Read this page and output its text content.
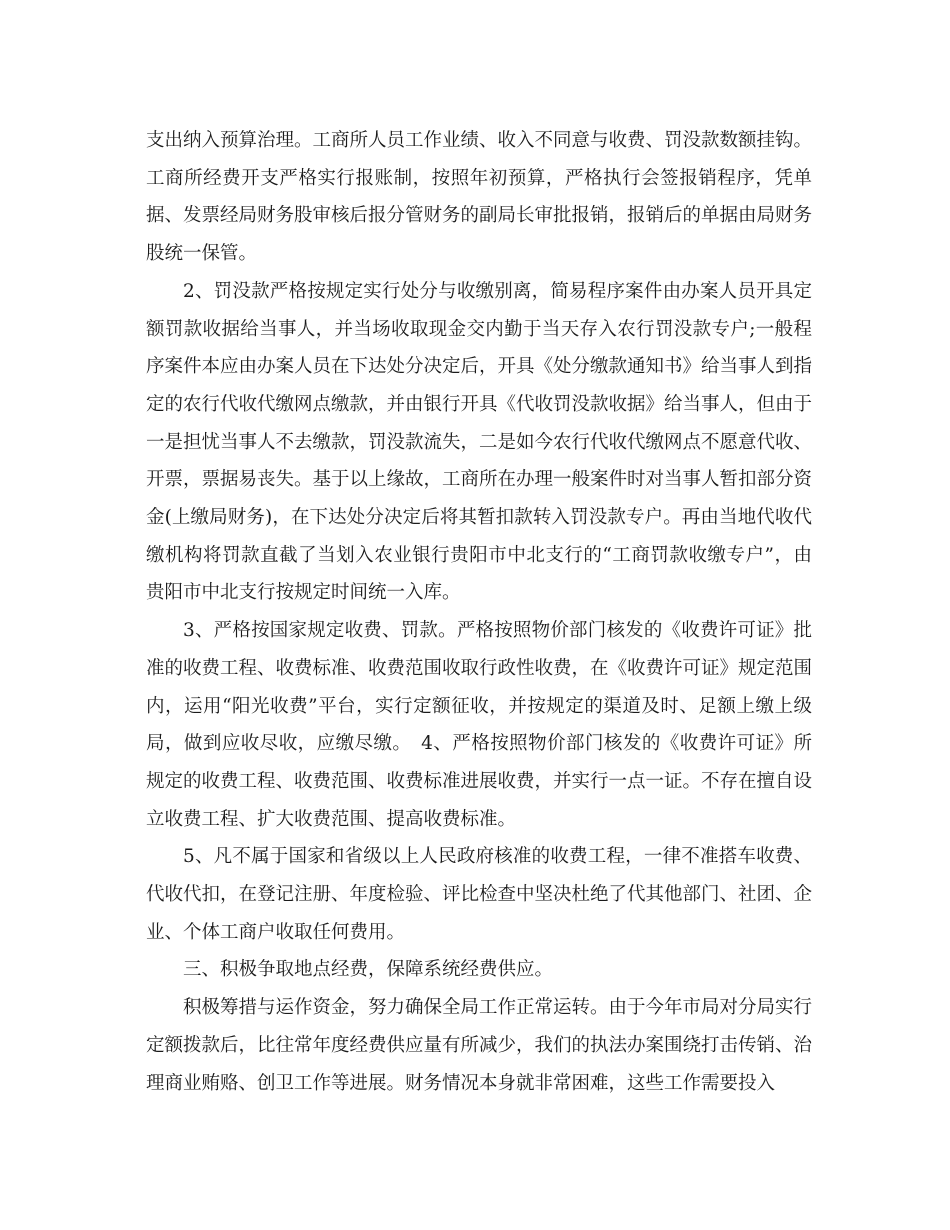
支出纳入预算治理。工商所人员工作业绩、收入不同意与收费、罚没款数额挂钩。工商所经费开支严格实行报账制，按照年初预算，严格执行会签报销程序，凭单据、发票经局财务股审核后报分管财务的副局长审批报销，报销后的单据由局财务股统一保管。

2、罚没款严格按规定实行处分与收缴别离，简易程序案件由办案人员开具定额罚款收据给当事人，并当场收取现金交内勤于当天存入农行罚没款专户;一般程序案件本应由办案人员在下达处分决定后，开具《处分缴款通知书》给当事人到指定的农行代收代缴网点缴款，并由银行开具《代收罚没款收据》给当事人，但由于一是担忧当事人不去缴款，罚没款流失，二是如今农行代收代缴网点不愿意代收、开票，票据易丧失。基于以上缘故，工商所在办理一般案件时对当事人暂扣部分资金(上缴局财务)，在下达处分决定后将其暂扣款转入罚没款专户。再由当地代收代缴机构将罚款直截了当划入农业银行贵阳市中北支行的“工商罚款收缴专户”，由贵阳市中北支行按规定时间统一入库。

3、严格按国家规定收费、罚款。严格按照物价部门核发的《收费许可证》批准的收费工程、收费标准、收费范围收取行政性收费，在《收费许可证》规定范围内，运用“阳光收费”平台，实行定额征收，并按规定的渠道及时、足额上缴上级局，做到应收尽收，应缴尽缴。　4、严格按照物价部门核发的《收费许可证》所规定的收费工程、收费范围、收费标准进展收费，并实行一点一证。不存在擅自设立收费工程、扩大收费范围、提高收费标准。

5、凡不属于国家和省级以上人民政府核准的收费工程，一律不准搭车收费、代收代扣，在登记注册、年度检验、评比检查中坚决杜绝了代其他部门、社团、企业、个体工商户收取任何费用。

三、积极争取地点经费，保障系统经费供应。

积极筹措与运作资金，努力确保全局工作正常运转。由于今年市局对分局实行定额拨款后，比往常年度经费供应量有所减少，我们的执法办案围绕打击传销、治理商业贿赂、创卫工作等进展。财务情况本身就非常困难，这些工作需要投入
